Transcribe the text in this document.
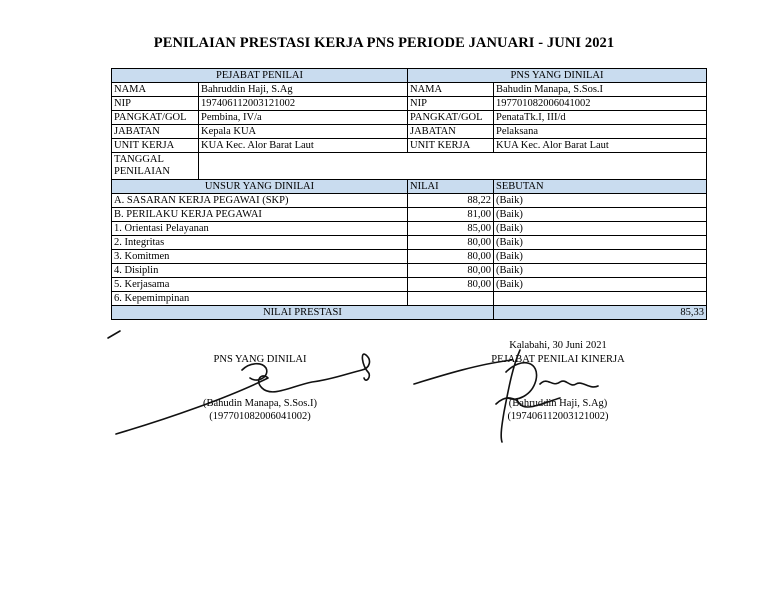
PENILAIAN PRESTASI KERJA PNS PERIODE JANUARI - JUNI 2021
PEJABAT PENILAI		PNS YANG DINILAI	
NAMA	Bahruddin Haji, S.Ag	NAMA	Bahudin Manapa, S.Sos.I
NIP	197406112003121002	NIP	197701082006041002
PANGKAT/GOL	Pembina, IV/a	PANGKAT/GOL	PenataTk.I, III/d
JABATAN	Kepala KUA	JABATAN	Pelaksana
UNIT KERJA	KUA Kec. Alor Barat Laut	UNIT KERJA	KUA Kec. Alor Barat Laut
TANGGAL PENILAIAN			
UNSUR YANG DINILAI		NILAI	SEBUTAN
A. SASARAN KERJA PEGAWAI (SKP)		88,22	(Baik)
B. PERILAKU KERJA PEGAWAI		81,00	(Baik)
1. Orientasi Pelayanan		85,00	(Baik)
2. Integritas		80,00	(Baik)
3. Komitmen		80,00	(Baik)
4. Disiplin		80,00	(Baik)
5. Kerjasama		80,00	(Baik)
6. Kepemimpinan			
NILAI PRESTASI			85,33
PNS YANG DINILAI
(Bahudin Manapa, S.Sos.I)
(197701082006041002)
Kalabahi, 30 Juni 2021
PEJABAT PENILAI KINERJA
(Bahruddin Haji, S.Ag)
(197406112003121002)
